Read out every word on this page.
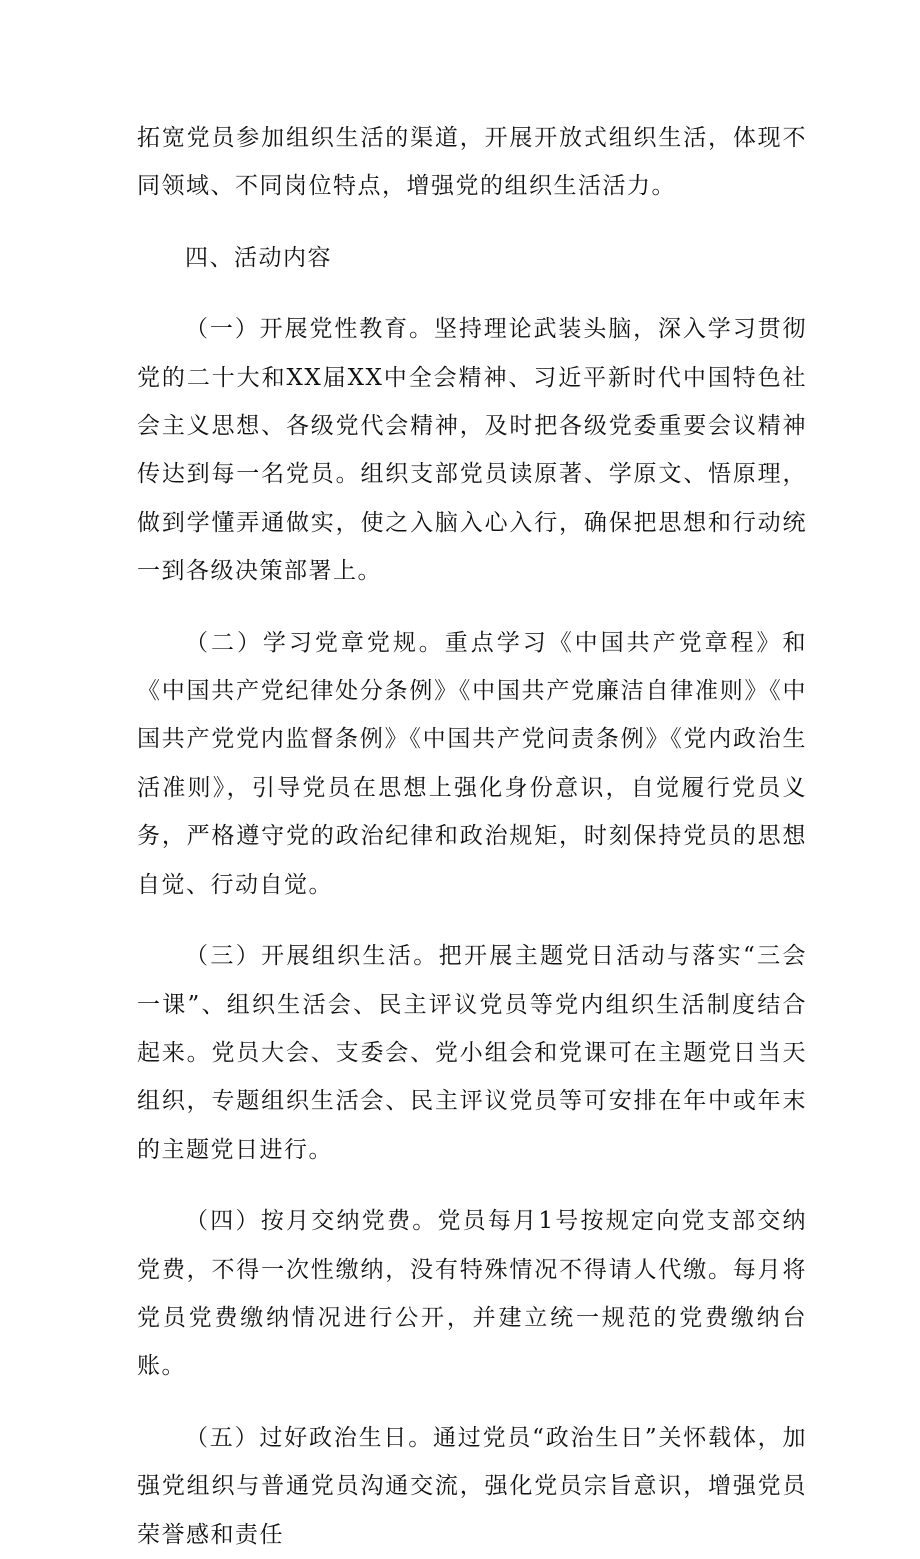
拓宽党员参加组织生活的渠道，开展开放式组织生活，体现不同领域、不同岗位特点，增强党的组织生活活力。

四、活动内容

（一）开展党性教育。坚持理论武装头脑，深入学习贯彻党的二十大和XX届XX中全会精神、习近平新时代中国特色社会主义思想、各级党代会精神，及时把各级党委重要会议精神传达到每一名党员。组织支部党员读原著、学原文、悟原理，做到学懂弄通做实，使之入脑入心入行，确保把思想和行动统一到各级决策部署上。

（二）学习党章党规。重点学习《中国共产党章程》和《中国共产党纪律处分条例》《中国共产党廉洁自律准则》《中国共产党党内监督条例》《中国共产党问责条例》《党内政治生活准则》，引导党员在思想上强化身份意识，自觉履行党员义务，严格遵守党的政治纪律和政治规矩，时刻保持党员的思想自觉、行动自觉。

（三）开展组织生活。把开展主题党日活动与落实“三会一课”、组织生活会、民主评议党员等党内组织生活制度结合起来。党员大会、支委会、党小组会和党课可在主题党日当天组织，专题组织生活会、民主评议党员等可安排在年中或年末的主题党日进行。

（四）按月交纳党费。党员每月1号按规定向党支部交纳党费，不得一次性缴纳，没有特殊情况不得请人代缴。每月将党员党费缴纳情况进行公开，并建立统一规范的党费缴纳台账。

（五）过好政治生日。通过党员“政治生日”关怀载体，加强党组织与普通党员沟通交流，强化党员宗旨意识，增强党员荣誉感和责任
